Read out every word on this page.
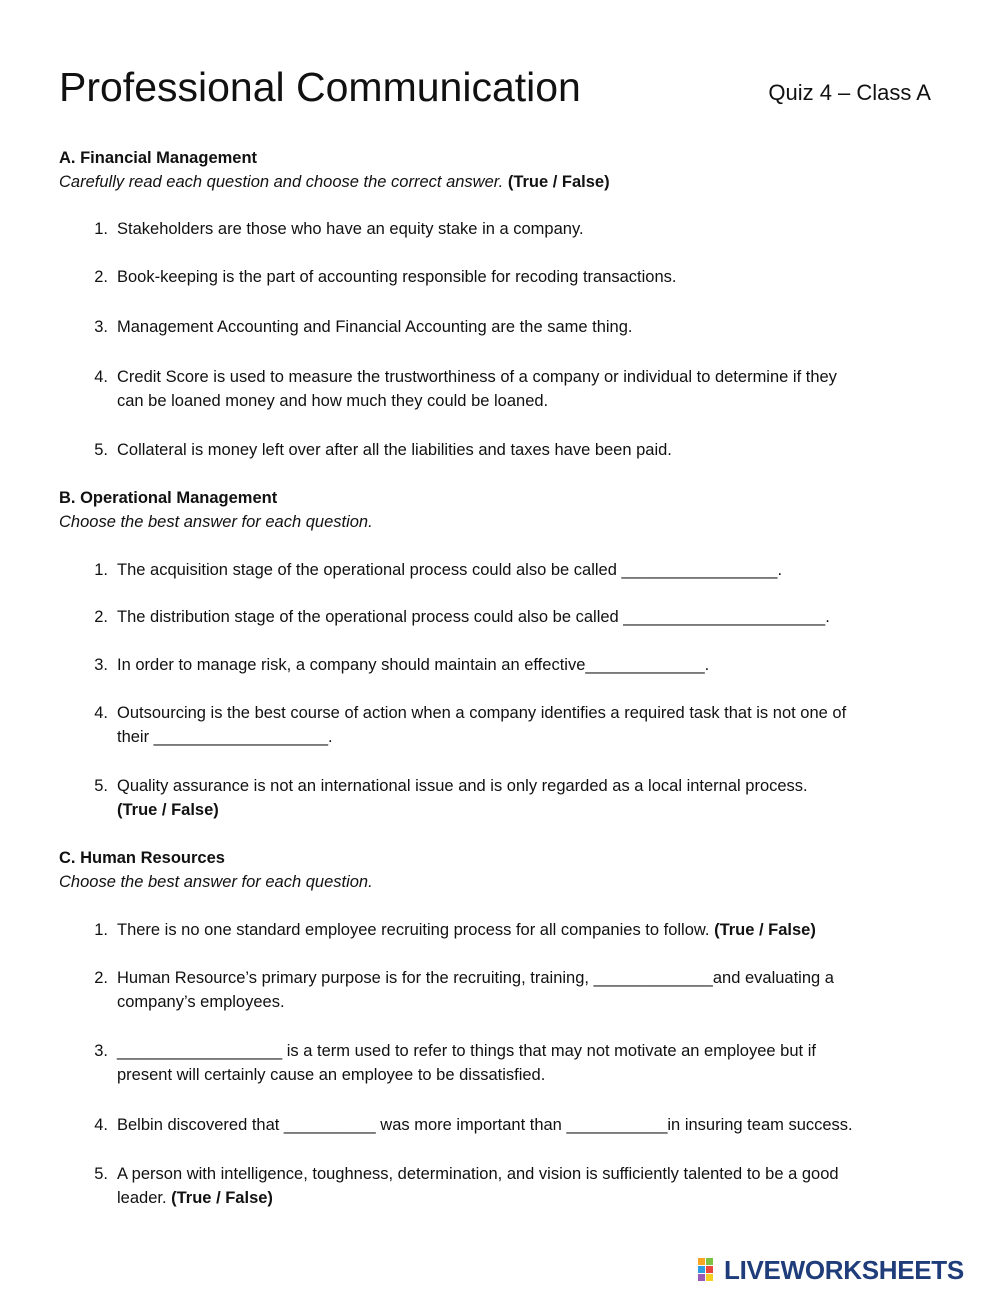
Professional Communication	Quiz 4 – Class A
A. Financial Management
Carefully read each question and choose the correct answer. (True / False)
1. Stakeholders are those who have an equity stake in a company.
2. Book-keeping is the part of accounting responsible for recoding transactions.
3. Management Accounting and Financial Accounting are the same thing.
4. Credit Score is used to measure the trustworthiness of a company or individual to determine if they
can be loaned money and how much they could be loaned.
5. Collateral is money left over after all the liabilities and taxes have been paid.
B. Operational Management
Choose the best answer for each question.
1. The acquisition stage of the operational process could also be called _________________.
2. The distribution stage of the operational process could also be called ______________________.
3. In order to manage risk, a company should maintain an effective_____________.
4. Outsourcing is the best course of action when a company identifies a required task that is not one of
their ___________________.
5. Quality assurance is not an international issue and is only regarded as a local internal process.
(True / False)
C. Human Resources
Choose the best answer for each question.
1. There is no one standard employee recruiting process for all companies to follow. (True / False)
2. Human Resource’s primary purpose is for the recruiting, training, _____________and evaluating a
company’s employees.
3. __________________ is a term used to refer to things that may not motivate an employee but if
present will certainly cause an employee to be dissatisfied.
4. Belbin discovered that __________ was more important than ___________in insuring team success.
5. A person with intelligence, toughness, determination, and vision is sufficiently talented to be a good
leader. (True / False)
LIVEWORKSHEETS
